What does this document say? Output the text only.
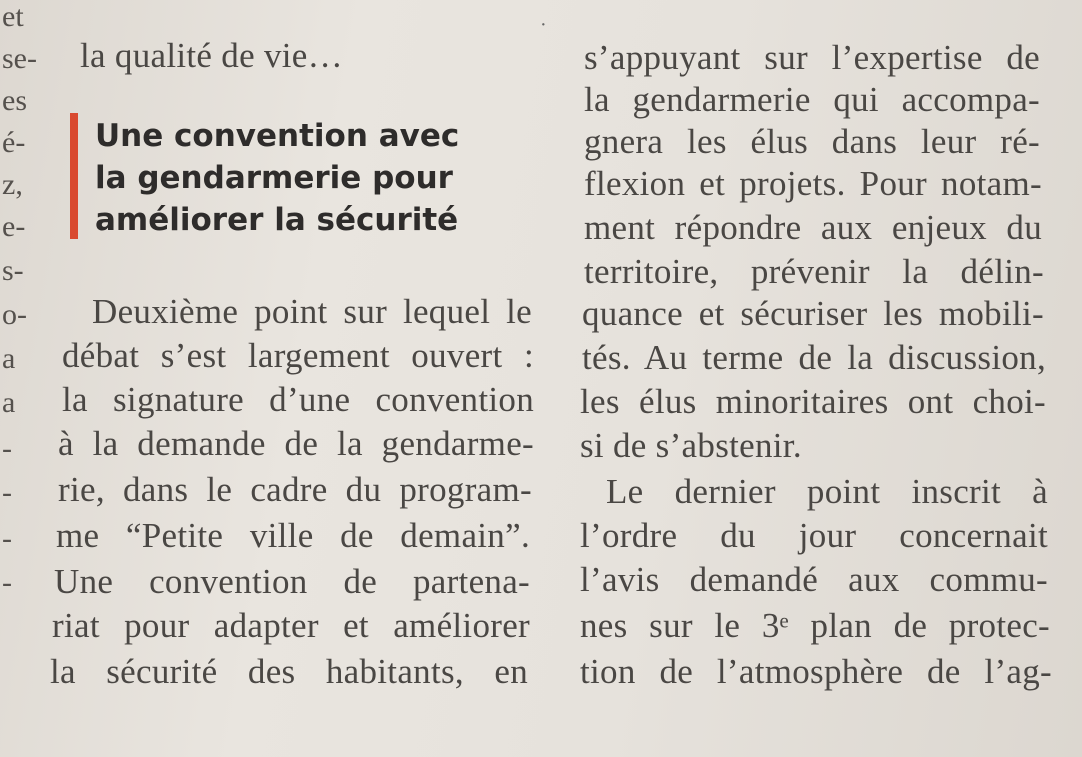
et
se-
es
é-
z,
e-
s-
o-
a
a
-
-
-
-
·
la qualité de vie…
Une convention avec
la gendarmerie pour
améliorer la sécurité
Deuxième point sur lequel le
débat s’est largement ouvert :
la signature d’une convention
à la demande de la gendarme-
rie, dans le cadre du program-
me “Petite ville de demain”.
Une convention de partena-
riat pour adapter et améliorer
la sécurité des habitants, en
s’appuyant sur l’expertise de
la gendarmerie qui accompa-
gnera les élus dans leur ré-
flexion et projets. Pour notam-
ment répondre aux enjeux du
territoire, prévenir la délin-
quance et sécuriser les mobili-
tés. Au terme de la discussion,
les élus minoritaires ont choi-
si de s’abstenir.
Le dernier point inscrit à
l’ordre du jour concernait
l’avis demandé aux commu-
nes sur le 3ᵉ plan de protec-
tion de l’atmosphère de l’ag-
